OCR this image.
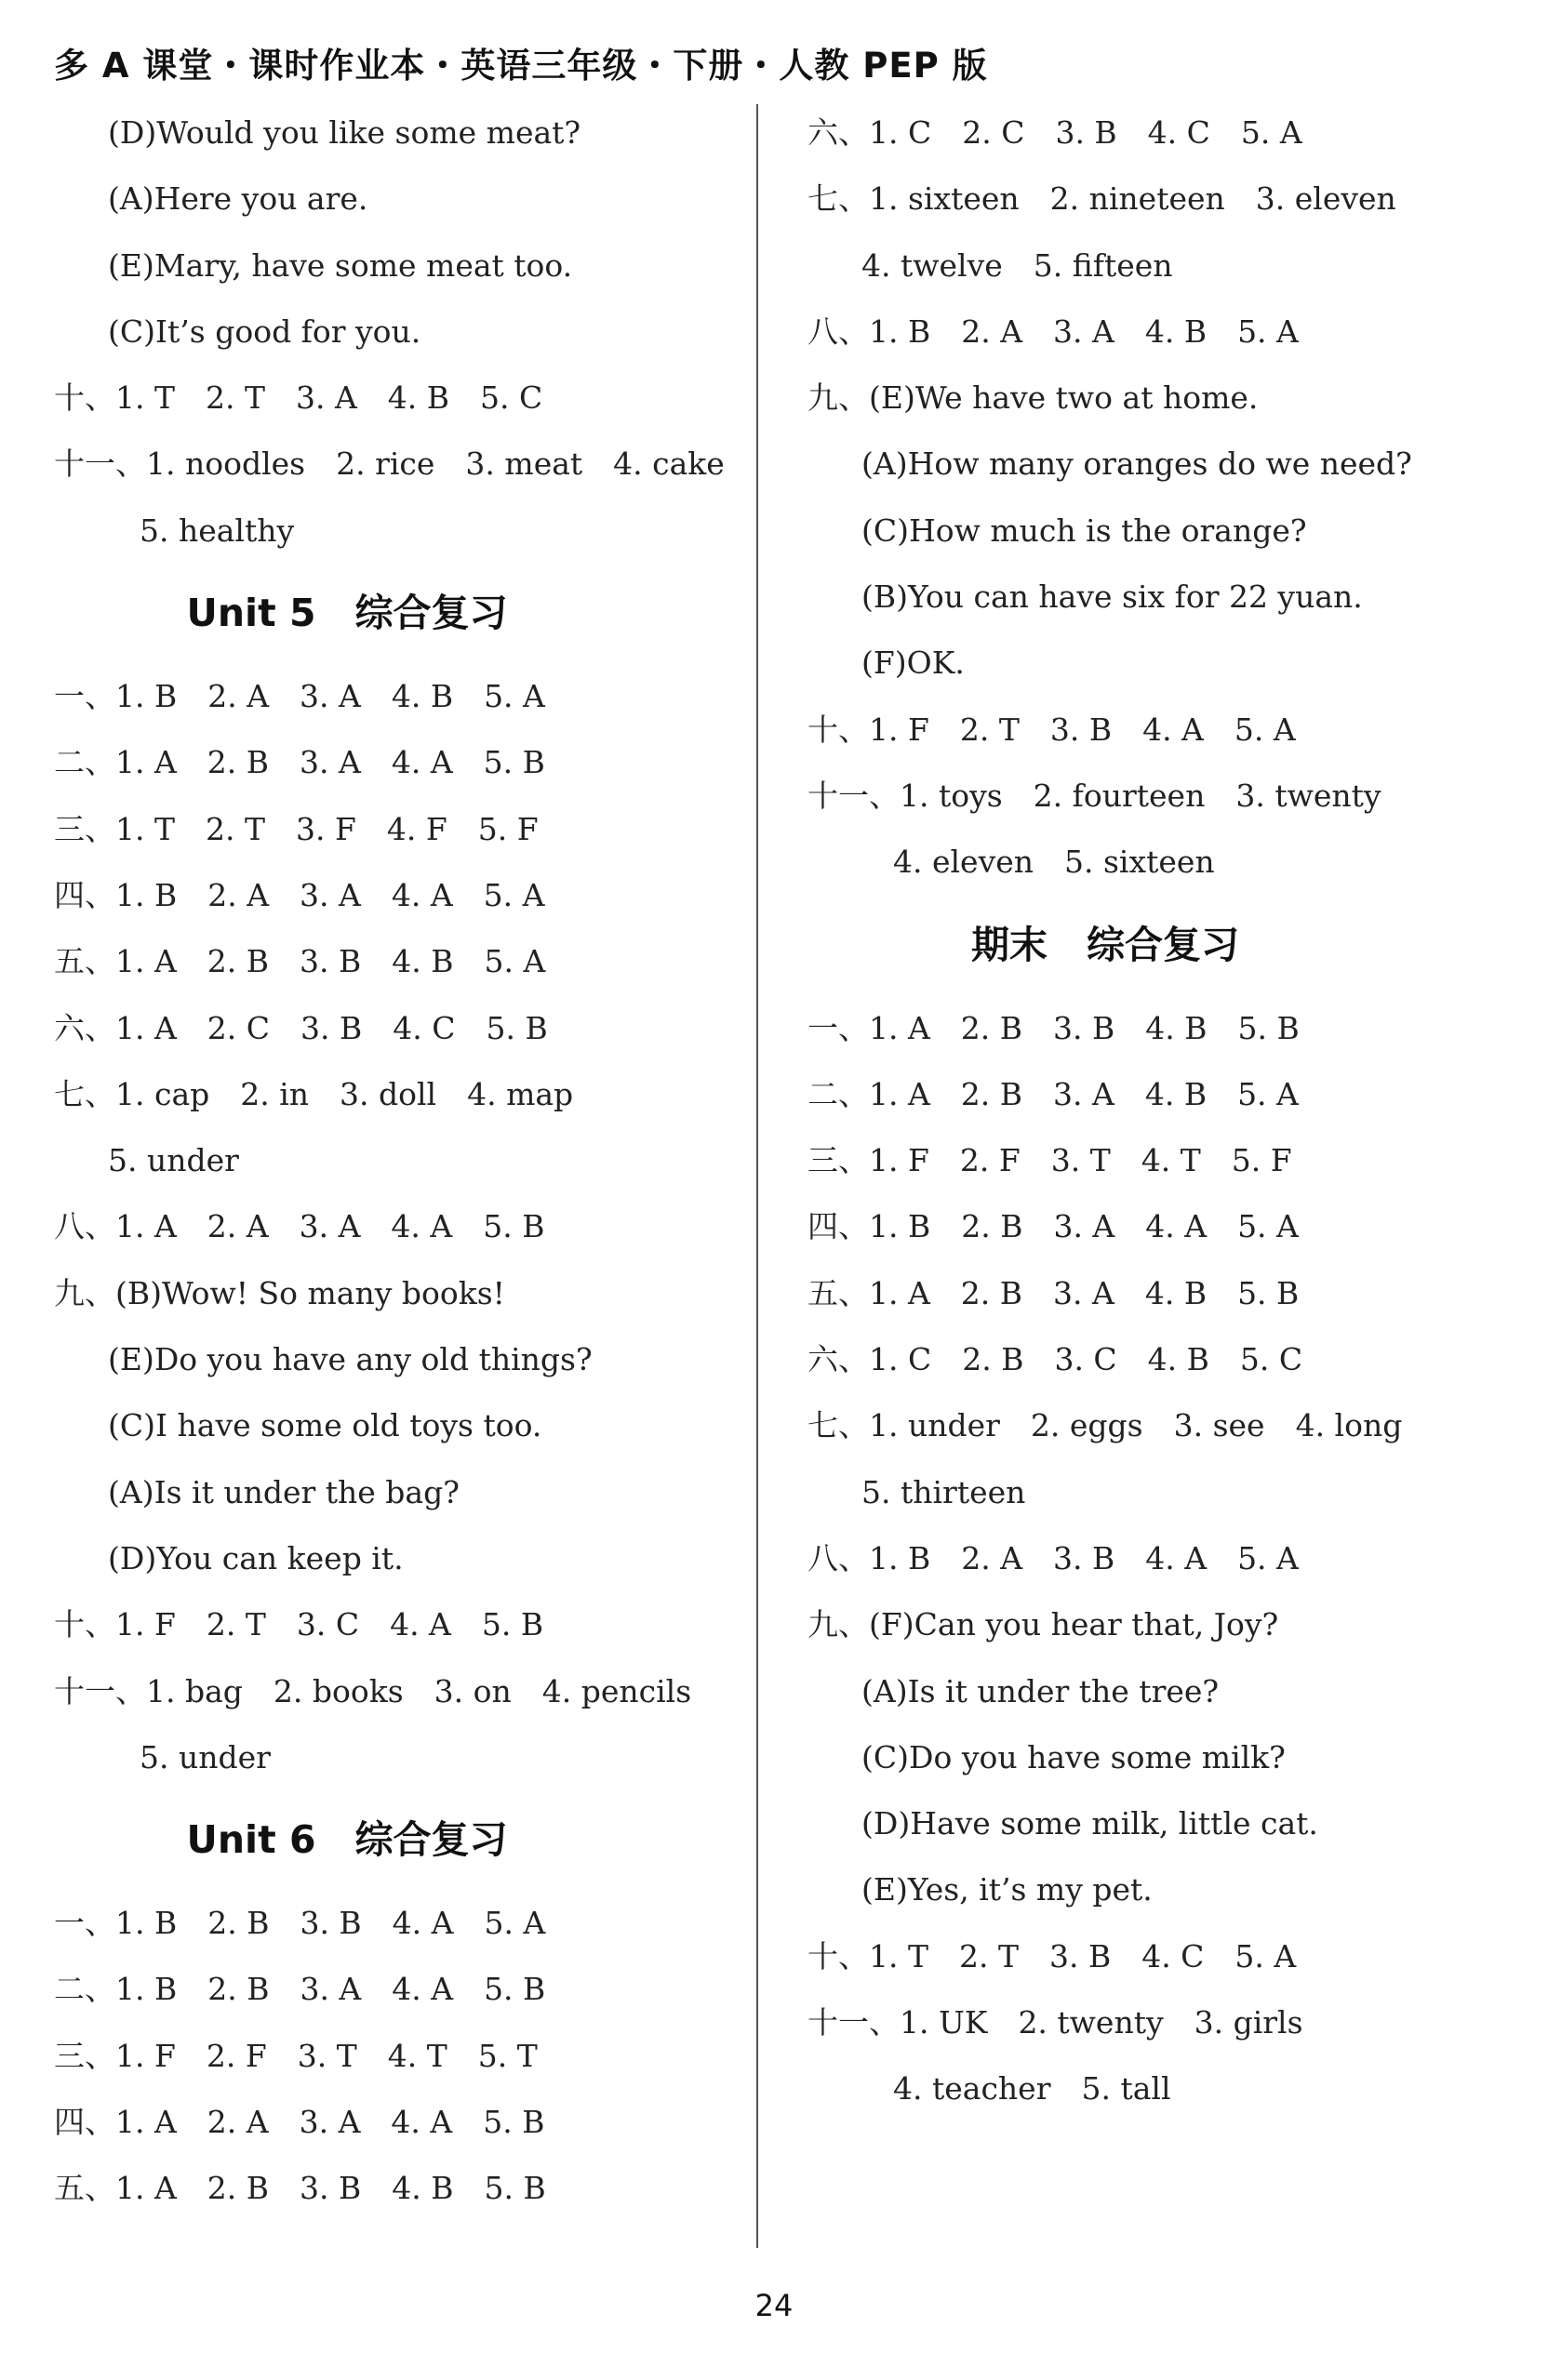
多 A 课堂・课时作业本・英语三年级・下册・人教 PEP 版
(D)Would you like some meat?
(A)Here you are.
(E)Mary, have some meat too.
(C)It’s good for you.
十、1. T　2. T　3. A　4. B　5. C
十一、1. noodles　2. rice　3. meat　4. cake
5. healthy
Unit 5 综合复习
一、1. B　2. A　3. A　4. B　5. A
二、1. A　2. B　3. A　4. A　5. B
三、1. T　2. T　3. F　4. F　5. F
四、1. B　2. A　3. A　4. A　5. A
五、1. A　2. B　3. B　4. B　5. A
六、1. A　2. C　3. B　4. C　5. B
七、1. cap　2. in　3. doll　4. map
5. under
八、1. A　2. A　3. A　4. A　5. B
九、(B)Wow! So many books!
(E)Do you have any old things?
(C)I have some old toys too.
(A)Is it under the bag?
(D)You can keep it.
十、1. F　2. T　3. C　4. A　5. B
十一、1. bag　2. books　3. on　4. pencils
5. under
Unit 6 综合复习
一、1. B　2. B　3. B　4. A　5. A
二、1. B　2. B　3. A　4. A　5. B
三、1. F　2. F　3. T　4. T　5. T
四、1. A　2. A　3. A　4. A　5. B
五、1. A　2. B　3. B　4. B　5. B
六、1. C　2. C　3. B　4. C　5. A
七、1. sixteen　2. nineteen　3. eleven
4. twelve　5. fifteen
八、1. B　2. A　3. A　4. B　5. A
九、(E)We have two at home.
(A)How many oranges do we need?
(C)How much is the orange?
(B)You can have six for 22 yuan.
(F)OK.
十、1. F　2. T　3. B　4. A　5. A
十一、1. toys　2. fourteen　3. twenty
4. eleven　5. sixteen
期末 综合复习
一、1. A　2. B　3. B　4. B　5. B
二、1. A　2. B　3. A　4. B　5. A
三、1. F　2. F　3. T　4. T　5. F
四、1. B　2. B　3. A　4. A　5. A
五、1. A　2. B　3. A　4. B　5. B
六、1. C　2. B　3. C　4. B　5. C
七、1. under　2. eggs　3. see　4. long
5. thirteen
八、1. B　2. A　3. B　4. A　5. A
九、(F)Can you hear that, Joy?
(A)Is it under the tree?
(C)Do you have some milk?
(D)Have some milk, little cat.
(E)Yes, it’s my pet.
十、1. T　2. T　3. B　4. C　5. A
十一、1. UK　2. twenty　3. girls
4. teacher　5. tall
24
